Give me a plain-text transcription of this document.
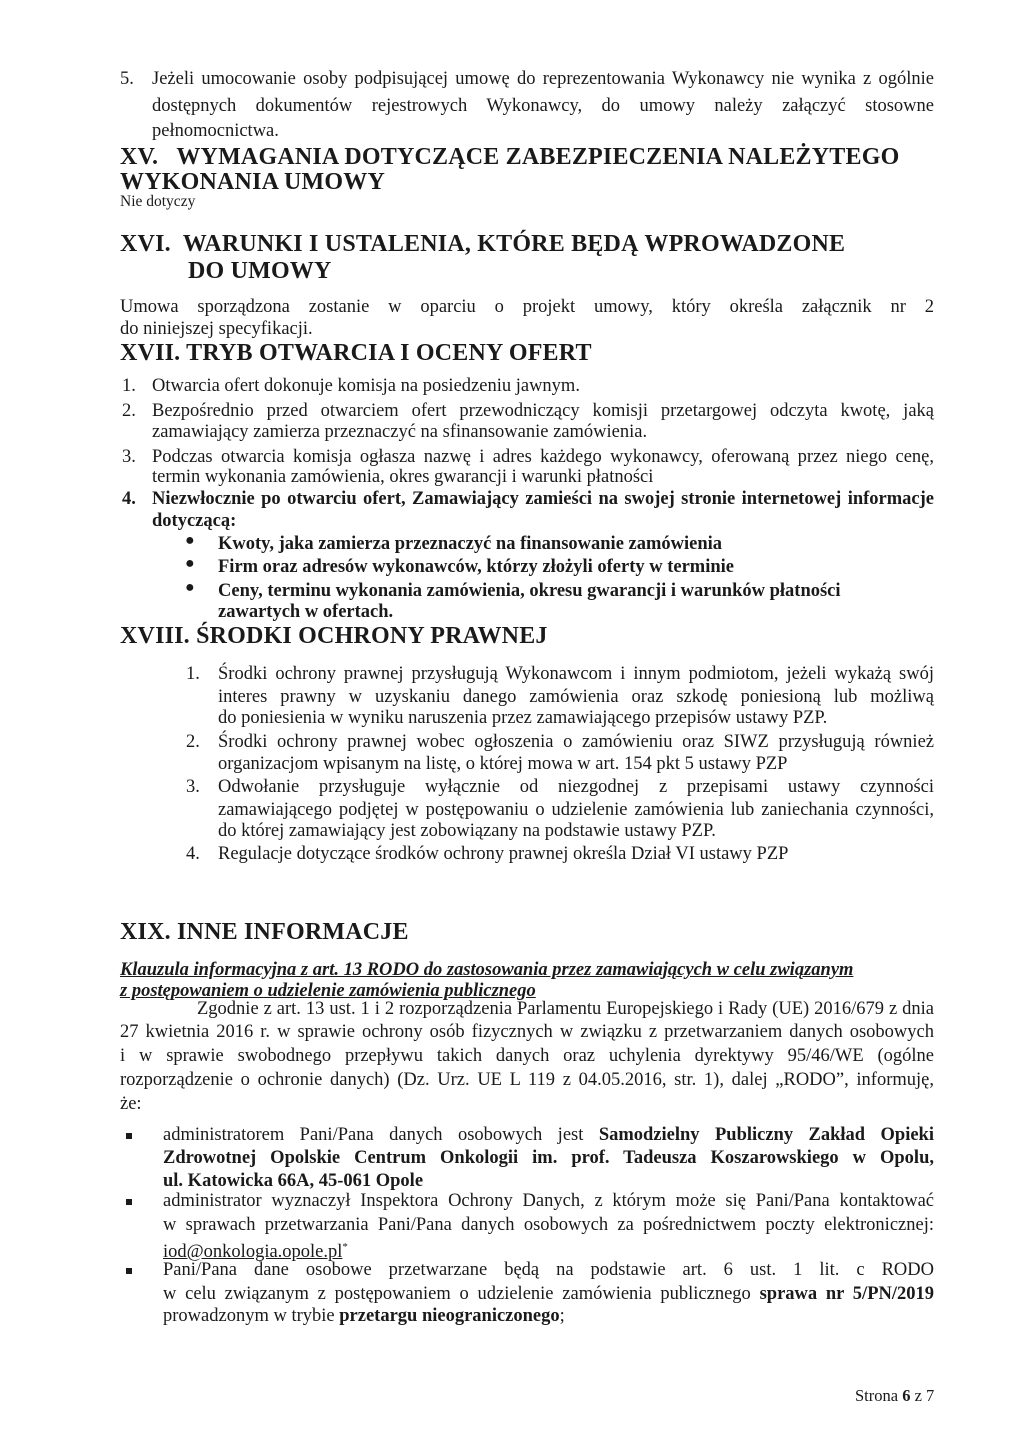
5. Jeżeli umocowanie osoby podpisującej umowę do reprezentowania Wykonawcy nie wynika z ogólnie
dostępnych dokumentów rejestrowych Wykonawcy, do umowy należy załączyć stosowne
pełnomocnictwa.
XV.   WYMAGANIA DOTYCZĄCE ZABEZPIECZENIA NALEŻYTEGO
WYKONANIA UMOWY
Nie dotyczy
XVI.  WARUNKI I USTALENIA, KTÓRE BĘDĄ WPROWADZONE
DO UMOWY
Umowa sporządzona zostanie w oparciu o projekt umowy, który określa załącznik nr 2
do niniejszej specyfikacji.
XVII. TRYB OTWARCIA I OCENY OFERT
1. Otwarcia ofert dokonuje komisja na posiedzeniu jawnym.
2. Bezpośrednio przed otwarciem ofert przewodniczący komisji przetargowej odczyta kwotę, jaką
zamawiający zamierza przeznaczyć na sfinansowanie zamówienia.
3. Podczas otwarcia komisja ogłasza nazwę i adres każdego wykonawcy, oferowaną przez niego cenę,
termin wykonania zamówienia, okres gwarancji i warunki płatności
4. Niezwłocznie po otwarciu ofert, Zamawiający zamieści na swojej stronie internetowej informacje
dotyczącą:
● Kwoty, jaka zamierza przeznaczyć na finansowanie zamówienia
● Firm oraz adresów wykonawców, którzy złożyli oferty w terminie
● Ceny, terminu wykonania zamówienia, okresu gwarancji i warunków płatności
zawartych w ofertach.
XVIII. ŚRODKI OCHRONY PRAWNEJ
1. Środki ochrony prawnej przysługują Wykonawcom i innym podmiotom, jeżeli wykażą swój
interes prawny w uzyskaniu danego zamówienia oraz szkodę poniesioną lub możliwą
do poniesienia w wyniku naruszenia przez zamawiającego przepisów ustawy PZP.
2. Środki ochrony prawnej wobec ogłoszenia o zamówieniu oraz SIWZ przysługują również
organizacjom wpisanym na listę, o której mowa w art. 154 pkt 5 ustawy PZP
3. Odwołanie przysługuje wyłącznie od niezgodnej z przepisami ustawy czynności
zamawiającego podjętej w postępowaniu o udzielenie zamówienia lub zaniechania czynności,
do której zamawiający jest zobowiązany na podstawie ustawy PZP.
4. Regulacje dotyczące środków ochrony prawnej określa Dział VI ustawy PZP
XIX. INNE INFORMACJE
Klauzula informacyjna z art. 13 RODO do zastosowania przez zamawiających w celu związanym
z postępowaniem o udzielenie zamówienia publicznego
Zgodnie z art. 13 ust. 1 i 2 rozporządzenia Parlamentu Europejskiego i Rady (UE) 2016/679 z dnia
27 kwietnia 2016 r. w sprawie ochrony osób fizycznych w związku z przetwarzaniem danych osobowych
i w sprawie swobodnego przepływu takich danych oraz uchylenia dyrektywy 95/46/WE (ogólne
rozporządzenie o ochronie danych) (Dz. Urz. UE L 119 z 04.05.2016, str. 1), dalej „RODO”, informuję,
że:
administratorem Pani/Pana danych osobowych jest Samodzielny Publiczny Zakład Opieki
Zdrowotnej Opolskie Centrum Onkologii im. prof. Tadeusza Koszarowskiego w Opolu,
ul. Katowicka 66A, 45-061 Opole
administrator wyznaczył Inspektora Ochrony Danych, z którym może się Pani/Pana kontaktować
w sprawach przetwarzania Pani/Pana danych osobowych za pośrednictwem poczty elektronicznej:
iod@onkologia.opole.pl*
Pani/Pana dane osobowe przetwarzane będą na podstawie art. 6 ust. 1 lit. c RODO
w celu związanym z postępowaniem o udzielenie zamówienia publicznego sprawa nr 5/PN/2019
prowadzonym w trybie przetargu nieograniczonego;
Strona 6 z 7
